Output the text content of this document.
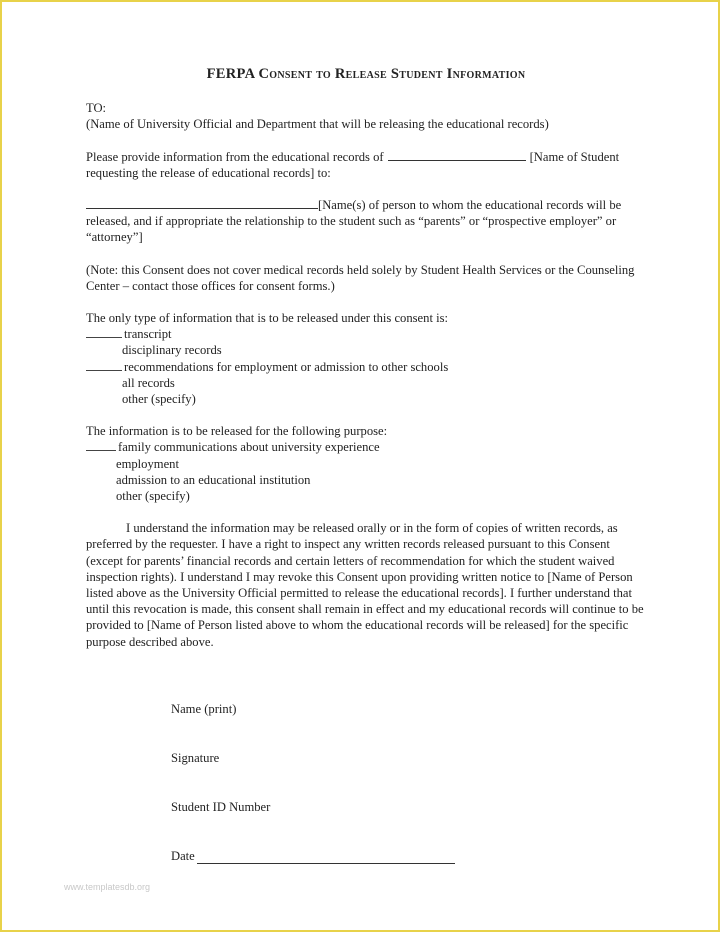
FERPA Consent to Release Student Information

TO:

(Name of University Official and Department that will be releasing the educational records)

Please provide information from the educational records of	[Name of Student requesting the release of educational records] to:

[Name(s) of person to whom the educational records will be released, and if appropriate the relationship to the student such as “parents” or “prospective employer” or “attorney”]

(Note: this Consent does not cover medical records held solely by Student Health Services or the Counseling Center – contact those offices for consent forms.)

The only type of information that is to be released under this consent is:

transcript
disciplinary records
recommendations for employment or admission to other schools
all records
other (specify)

The information is to be released for the following purpose:

family communications about university experience
employment
admission to an educational institution
other (specify)

I understand the information may be released orally or in the form of copies of written records, as preferred by the requester. I have a right to inspect any written records released pursuant to this Consent (except for parents’ financial records and certain letters of recommendation for which the student waived inspection rights). I understand I may revoke this Consent upon providing written notice to [Name of Person listed above as the University Official permitted to release the educational records]. I further understand that until this revocation is made, this consent shall remain in effect and my educational records will continue to be provided to [Name of Person listed above to whom the educational records will be released] for the specific purpose described above.

Name (print)
Signature
Student ID Number
Date
www.templatesdb.org
